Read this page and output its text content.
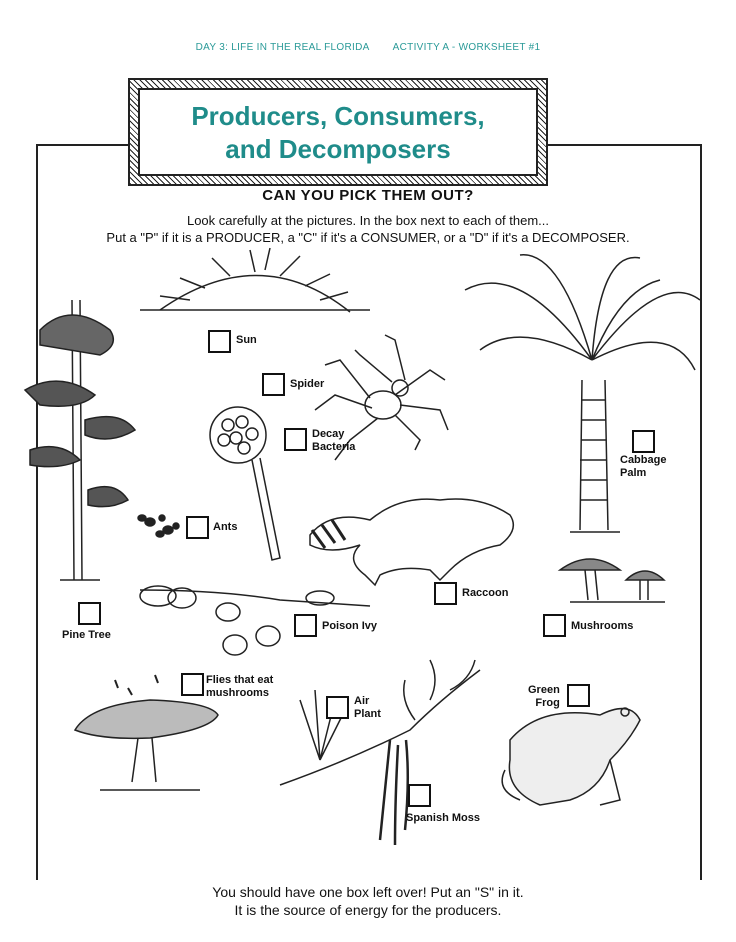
DAY 3: LIFE IN THE REAL FLORIDA ACTIVITY A - WORKSHEET #1
Producers, Consumers,
and Decomposers
CAN YOU PICK THEM OUT?
Look carefully at the pictures. In the box next to each of them...
Put a "P" if it is a PRODUCER, a "C" if it's a CONSUMER, or a "D" if it's a DECOMPOSER.
Sun
Spider
Decay
Bacteria
Cabbage
Palm
Ants
Raccoon
Pine Tree
Poison Ivy	Mushrooms
Flies that eat
mushrooms
Air
Plant
Green
Frog
Spanish Moss
You should have one box left over! Put an "S" in it.
It is the source of energy for the producers.
